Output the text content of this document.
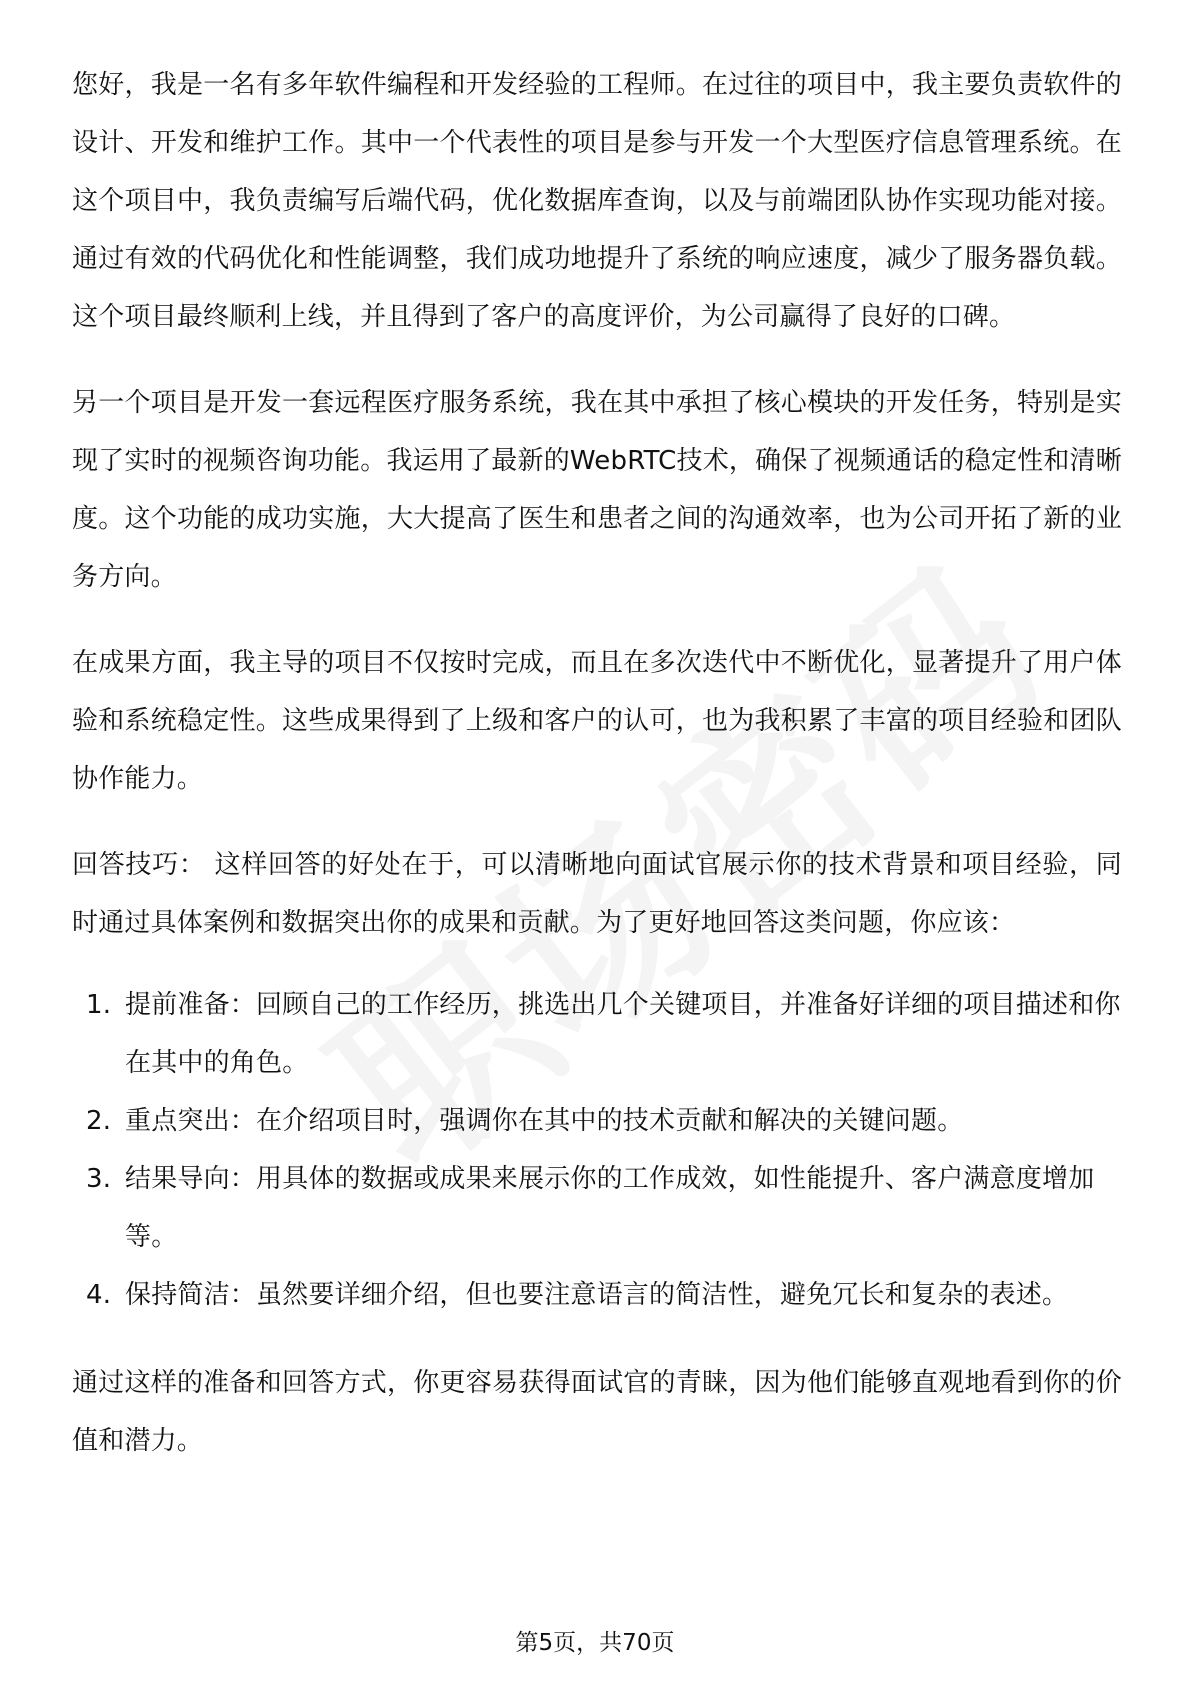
您好，我是一名有多年软件编程和开发经验的工程师。在过往的项目中，我主要负责软件的设计、开发和维护工作。其中一个代表性的项目是参与开发一个大型医疗信息管理系统。在这个项目中，我负责编写后端代码，优化数据库查询，以及与前端团队协作实现功能对接。通过有效的代码优化和性能调整，我们成功地提升了系统的响应速度，减少了服务器负载。这个项目最终顺利上线，并且得到了客户的高度评价，为公司赢得了良好的口碑。

另一个项目是开发一套远程医疗服务系统，我在其中承担了核心模块的开发任务，特别是实现了实时的视频咨询功能。我运用了最新的WebRTC技术，确保了视频通话的稳定性和清晰度。这个功能的成功实施，大大提高了医生和患者之间的沟通效率，也为公司开拓了新的业务方向。

在成果方面，我主导的项目不仅按时完成，而且在多次迭代中不断优化，显著提升了用户体验和系统稳定性。这些成果得到了上级和客户的认可，也为我积累了丰富的项目经验和团队协作能力。

回答技巧： 这样回答的好处在于，可以清晰地向面试官展示你的技术背景和项目经验，同时通过具体案例和数据突出你的成果和贡献。为了更好地回答这类问题，你应该：

1. 提前准备：回顾自己的工作经历，挑选出几个关键项目，并准备好详细的项目描述和你在其中的角色。
2. 重点突出：在介绍项目时，强调你在其中的技术贡献和解决的关键问题。
3. 结果导向：用具体的数据或成果来展示你的工作成效，如性能提升、客户满意度增加等。
4. 保持简洁：虽然要详细介绍，但也要注意语言的简洁性，避免冗长和复杂的表述。

通过这样的准备和回答方式，你更容易获得面试官的青睐，因为他们能够直观地看到你的价值和潜力。

第5页，共70页
